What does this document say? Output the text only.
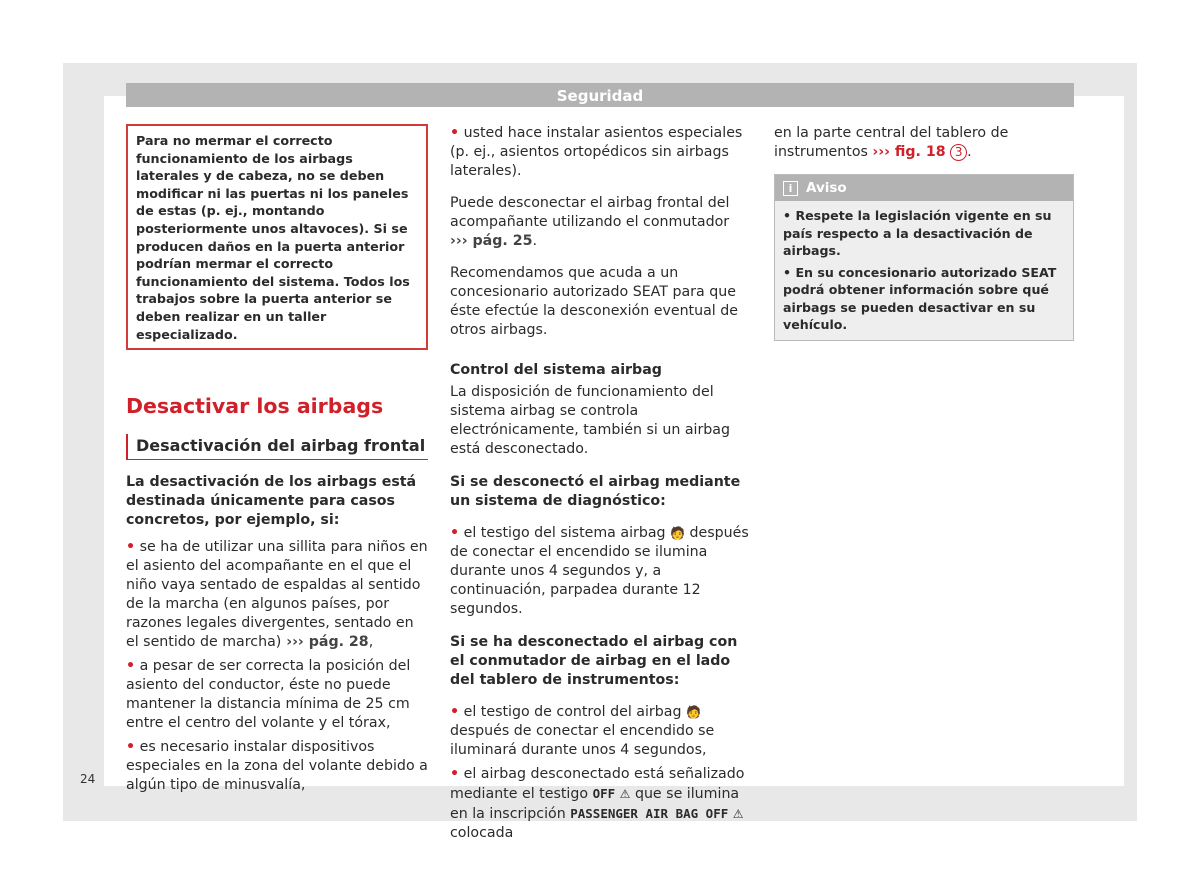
Seguridad

Para no mermar el correcto funcionamiento de los airbags laterales y de cabeza, no se deben modificar ni las puertas ni los paneles de estas (p. ej., montando posteriormente unos altavoces). Si se producen daños en la puerta anterior podrían mermar el correcto funcionamiento del sistema. Todos los trabajos sobre la puerta anterior se deben realizar en un taller especializado.

Desactivar los airbags

Desactivación del airbag frontal

La desactivación de los airbags está destinada únicamente para casos concretos, por ejemplo, si:

• se ha de utilizar una sillita para niños en el asiento del acompañante en el que el niño vaya sentado de espaldas al sentido de la marcha (en algunos países, por razones legales divergentes, sentado en el sentido de marcha) ››› pág. 28,

• a pesar de ser correcta la posición del asiento del conductor, éste no puede mantener la distancia mínima de 25 cm entre el centro del volante y el tórax,

• es necesario instalar dispositivos especiales en la zona del volante debido a algún tipo de minusvalía,

• usted hace instalar asientos especiales (p. ej., asientos ortopédicos sin airbags laterales).

Puede desconectar el airbag frontal del acompañante utilizando el conmutador ››› pág. 25.

Recomendamos que acuda a un concesionario autorizado SEAT para que éste efectúe la desconexión eventual de otros airbags.

Control del sistema airbag

La disposición de funcionamiento del sistema airbag se controla electrónicamente, también si un airbag está desconectado.

Si se desconectó el airbag mediante un sistema de diagnóstico:

• el testigo del sistema airbag 🧑 después de conectar el encendido se ilumina durante unos 4 segundos y, a continuación, parpadea durante 12 segundos.

Si se ha desconectado el airbag con el conmutador de airbag en el lado del tablero de instrumentos:

• el testigo de control del airbag 🧑 después de conectar el encendido se iluminará durante unos 4 segundos,

• el airbag desconectado está señalizado mediante el testigo OFF ⚠ que se ilumina en la inscripción PASSENGER AIR BAG OFF ⚠ colocada

en la parte central del tablero de instrumentos ››› fig. 18 3 .

i Aviso

• Respete la legislación vigente en su país respecto a la desactivación de airbags.

• En su concesionario autorizado SEAT podrá obtener información sobre qué airbags se pueden desactivar en su vehículo.

24
